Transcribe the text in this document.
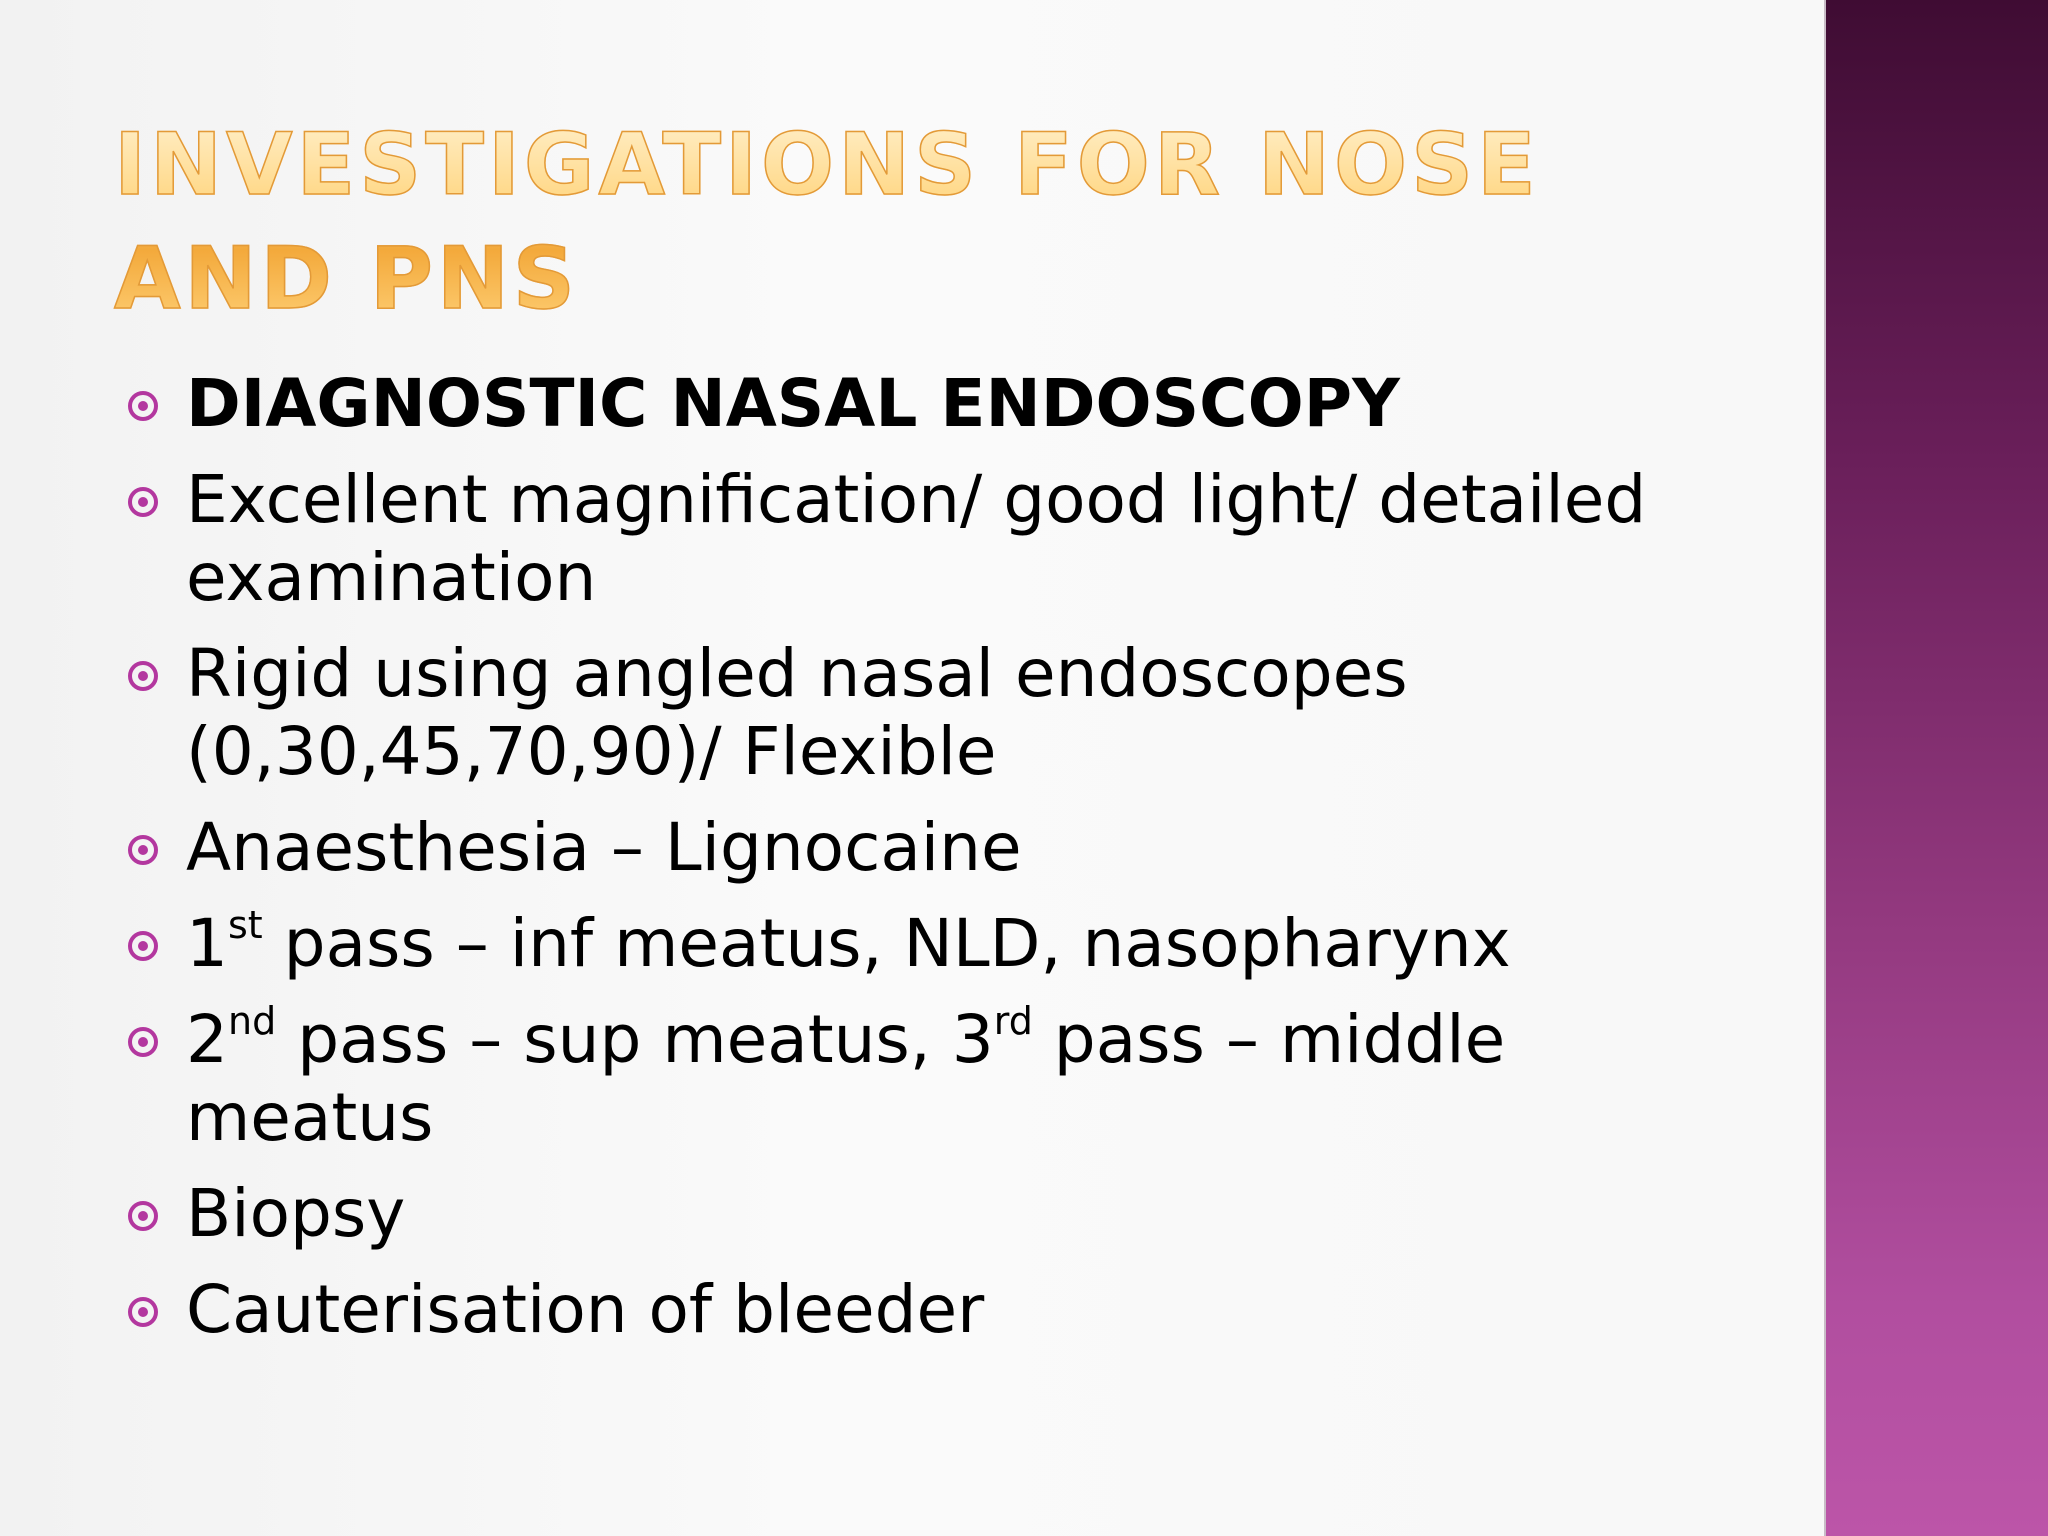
INVESTIGATIONS FOR NOSE AND PNS
DIAGNOSTIC NASAL ENDOSCOPY
Excellent magnification/ good light/ detailed
examination
Rigid using angled nasal endoscopes
(0,30,45,70,90)/ Flexible
Anaesthesia – Lignocaine
1st pass – inf meatus, NLD, nasopharynx
2nd pass – sup meatus, 3rd pass – middle
meatus
Biopsy
Cauterisation of bleeder
